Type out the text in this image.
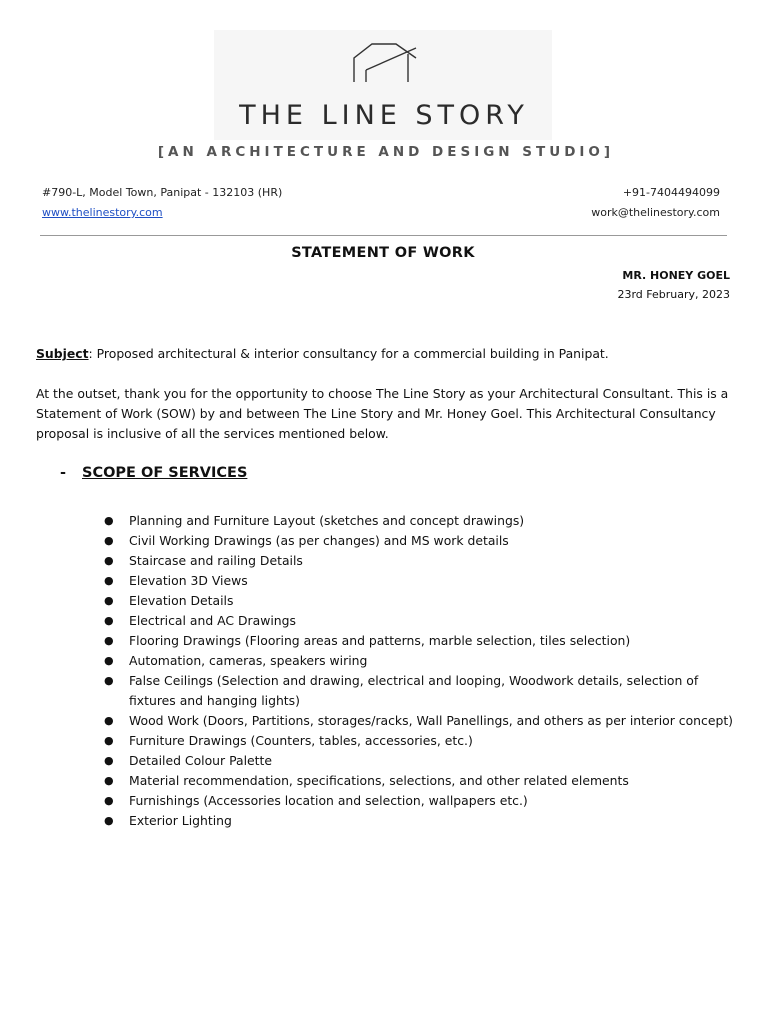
THE LINE STORY
[AN ARCHITECTURE AND DESIGN STUDIO]
#790-L, Model Town, Panipat - 132103 (HR)	+91-7404494099
www.thelinestory.com	work@thelinestory.com
STATEMENT OF WORK
MR. HONEY GOEL
23rd February, 2023
Subject: Proposed architectural & interior consultancy for a commercial building in Panipat.
At the outset, thank you for the opportunity to choose The Line Story as your Architectural Consultant. This is a Statement of Work (SOW) by and between The Line Story and Mr. Honey Goel. This Architectural Consultancy proposal is inclusive of all the services mentioned below.
- SCOPE OF SERVICES
● Planning and Furniture Layout (sketches and concept drawings)
● Civil Working Drawings (as per changes) and MS work details
● Staircase and railing Details
● Elevation 3D Views
● Elevation Details
● Electrical and AC Drawings
● Flooring Drawings (Flooring areas and patterns, marble selection, tiles selection)
● Automation, cameras, speakers wiring
● False Ceilings (Selection and drawing, electrical and looping, Woodwork details, selection of fixtures and hanging lights)
● Wood Work (Doors, Partitions, storages/racks, Wall Panellings, and others as per interior concept)
● Furniture Drawings (Counters, tables, accessories, etc.)
● Detailed Colour Palette
● Material recommendation, specifications, selections, and other related elements
● Furnishings (Accessories location and selection, wallpapers etc.)
● Exterior Lighting
